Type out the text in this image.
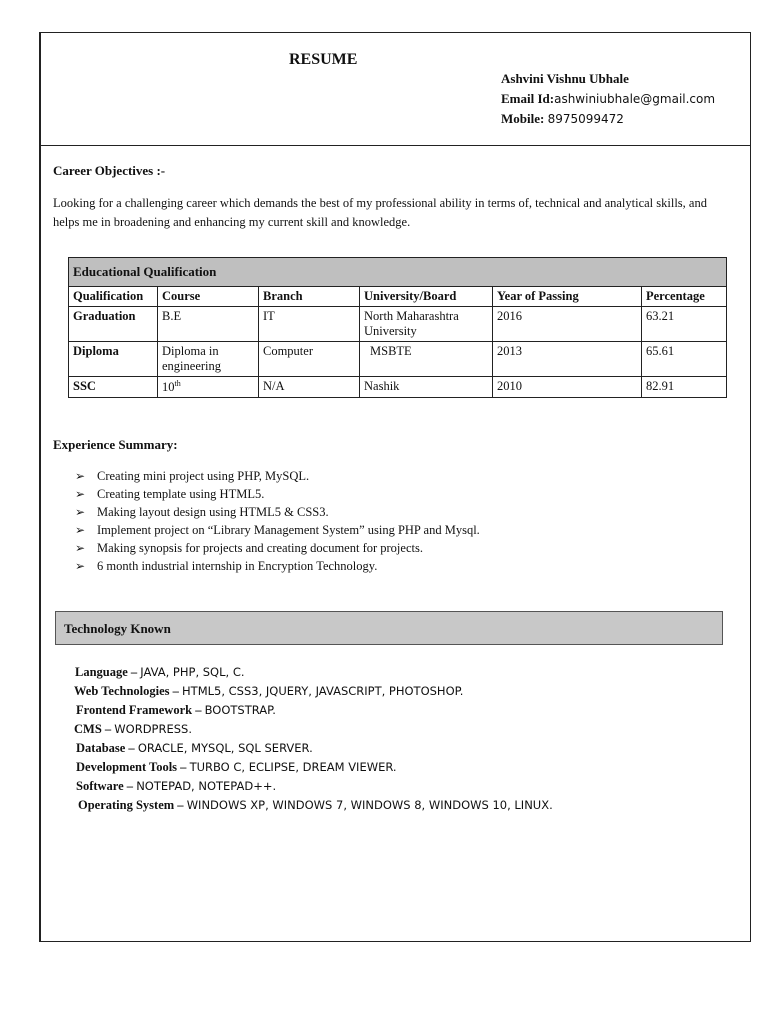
RESUME
Ashvini Vishnu Ubhale
Email Id:ashwiniubhale@gmail.com
Mobile: 8975099472
Career Objectives :-
Looking for a challenging career which demands the best of my professional ability in terms of, technical and analytical skills, and helps me in broadening and enhancing my current skill and knowledge.
Educational Qualification					
Qualification	Course	Branch	University/Board	Year of Passing	Percentage
Graduation	B.E	IT	North Maharashtra University	2016	63.21
Diploma	Diploma in engineering	Computer	MSBTE	2013	65.61
SSC	10th	N/A	Nashik	2010	82.91
Experience Summary:
➢ Creating mini project using PHP, MySQL.
➢ Creating template using HTML5.
➢ Making layout design using HTML5 & CSS3.
➢ Implement project on “Library Management System” using PHP and Mysql.
➢ Making synopsis for projects and creating document for projects.
➢ 6 month industrial internship in Encryption Technology.
Technology Known
Language – JAVA, PHP, SQL, C.
Web Technologies – HTML5, CSS3, JQUERY, JAVASCRIPT, PHOTOSHOP.
Frontend Framework – BOOTSTRAP.
CMS – WORDPRESS.
Database – ORACLE, MYSQL, SQL SERVER.
Development Tools – TURBO C, ECLIPSE, DREAM VIEWER.
Software – NOTEPAD, NOTEPAD++.
Operating System – WINDOWS XP, WINDOWS 7, WINDOWS 8, WINDOWS 10, LINUX.
